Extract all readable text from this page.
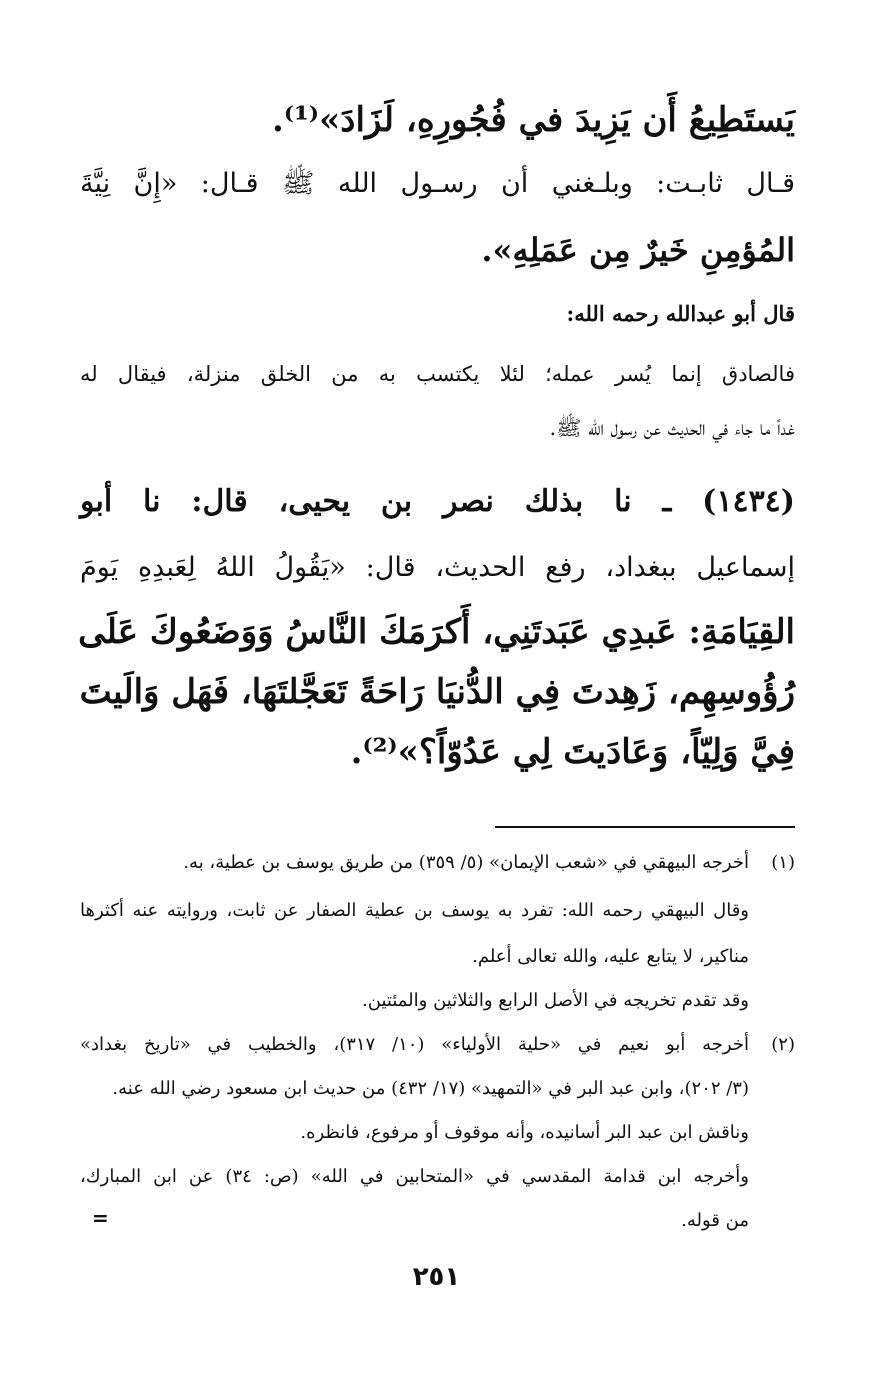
يَستَطِيعُ أَن يَزِيدَ في فُجُورِهِ، لَزَادَ»⁽¹⁾.
قـال ثابـت: وبلـغني أن رسـول الله ﷺ قـال: «إِنَّ نِيَّةَ
المُؤمِنِ خَيرٌ مِن عَمَلِهِ».
قال أبو عبدالله رحمه الله:
فالصادق إنما يُسر عمله؛ لئلا يكتسب به من الخلق منزلة، فيقال له
غداً ما جاء في الحديث عن رسول الله ﷺ.
(١٤٣٤) ـ نا بذلك نصر بن يحيى، قال: نا أبو
إسماعيل ببغداد، رفع الحديث، قال: «يَقُولُ اللهُ لِعَبدِهِ يَومَ
القِيَامَةِ: عَبدِي عَبَدتَنِي، أَكرَمَكَ النَّاسُ وَوَضَعُوكَ عَلَى
رُؤُوسِهِم، زَهِدتَ فِي الدُّنيَا رَاحَةً تَعَجَّلتَهَا، فَهَل وَالَيتَ
فِيَّ وَلِيّاً، وَعَادَيتَ لِي عَدُوّاً؟»⁽²⁾.
(١)
أخرجه البيهقي في «شعب الإيمان» (٥/ ٣٥٩) من طريق يوسف بن عطية، به.
وقال البيهقي رحمه الله: تفرد به يوسف بن عطية الصفار عن ثابت، وروايته عنه أكثرها
مناكير، لا يتابع عليه، والله تعالى أعلم.
وقد تقدم تخريجه في الأصل الرابع والثلاثين والمئتين.
(٢)
أخرجه أبو نعيم في «حلية الأولياء» (١٠/ ٣١٧)، والخطيب في «تاريخ بغداد»
(٣/ ٢٠٢)، وابن عبد البر في «التمهيد» (١٧/ ٤٣٢) من حديث ابن مسعود رضي الله عنه.
وناقش ابن عبد البر أسانيده، وأنه موقوف أو مرفوع، فانظره.
وأخرجه ابن قدامة المقدسي في «المتحابين في الله» (ص: ٣٤) عن ابن المبارك،
من قوله.
=
٢٥١
